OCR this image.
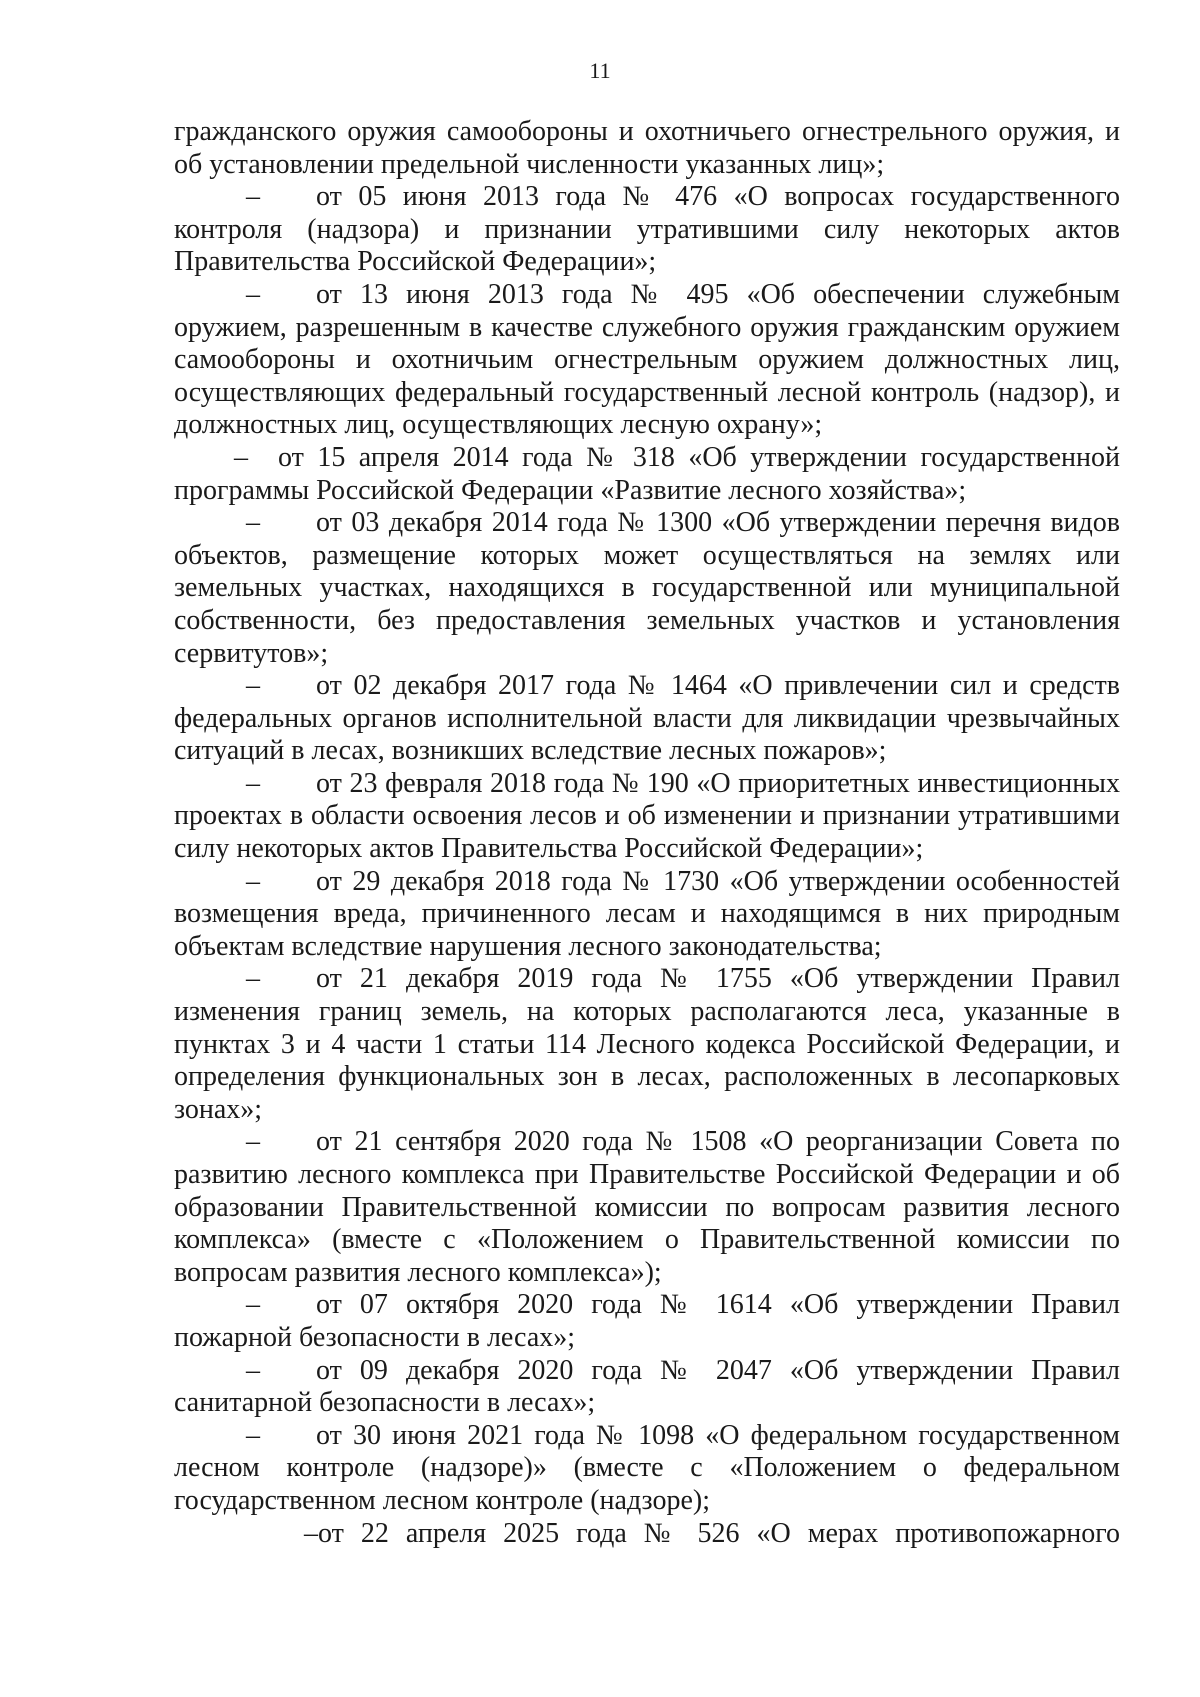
11

гражданского оружия самообороны и охотничьего огнестрельного оружия, и об установлении предельной численности указанных лиц»;

– от 05 июня 2013 года № 476 «О вопросах государственного контроля (надзора) и признании утратившими силу некоторых актов Правительства Российской Федерации»;

– от 13 июня 2013 года № 495 «Об обеспечении служебным оружием, разрешенным в качестве служебного оружия гражданским оружием самообороны и охотничьим огнестрельным оружием должностных лиц, осуществляющих федеральный государственный лесной контроль (надзор), и должностных лиц, осуществляющих лесную охрану»;

– от 15 апреля 2014 года № 318 «Об утверждении государственной программы Российской Федерации «Развитие лесного хозяйства»;

– от 03 декабря 2014 года № 1300 «Об утверждении перечня видов объектов, размещение которых может осуществляться на землях или земельных участках, находящихся в государственной или муниципальной собственности, без предоставления земельных участков и установления сервитутов»;

– от 02 декабря 2017 года № 1464 «О привлечении сил и средств федеральных органов исполнительной власти для ликвидации чрезвычайных ситуаций в лесах, возникших вследствие лесных пожаров»;

– от 23 февраля 2018 года № 190 «О приоритетных инвестиционных проектах в области освоения лесов и об изменении и признании утратившими силу некоторых актов Правительства Российской Федерации»;

– от 29 декабря 2018 года № 1730 «Об утверждении особенностей возмещения вреда, причиненного лесам и находящимся в них природным объектам вследствие нарушения лесного законодательства;

– от 21 декабря 2019 года № 1755 «Об утверждении Правил изменения границ земель, на которых располагаются леса, указанные в пунктах 3 и 4 части 1 статьи 114 Лесного кодекса Российской Федерации, и определения функциональных зон в лесах, расположенных в лесопарковых зонах»;

– от 21 сентября 2020 года № 1508 «О реорганизации Совета по развитию лесного комплекса при Правительстве Российской Федерации и об образовании Правительственной комиссии по вопросам развития лесного комплекса» (вместе с «Положением о Правительственной комиссии по вопросам развития лесного комплекса»);

– от 07 октября 2020 года № 1614 «Об утверждении Правил пожарной безопасности в лесах»;

– от 09 декабря 2020 года № 2047 «Об утверждении Правил санитарной безопасности в лесах»;

– от 30 июня 2021 года № 1098 «О федеральном государственном лесном контроле (надзоре)» (вместе с «Положением о федеральном государственном лесном контроле (надзоре);

–от 22 апреля 2025 года № 526 «О мерах противопожарного
